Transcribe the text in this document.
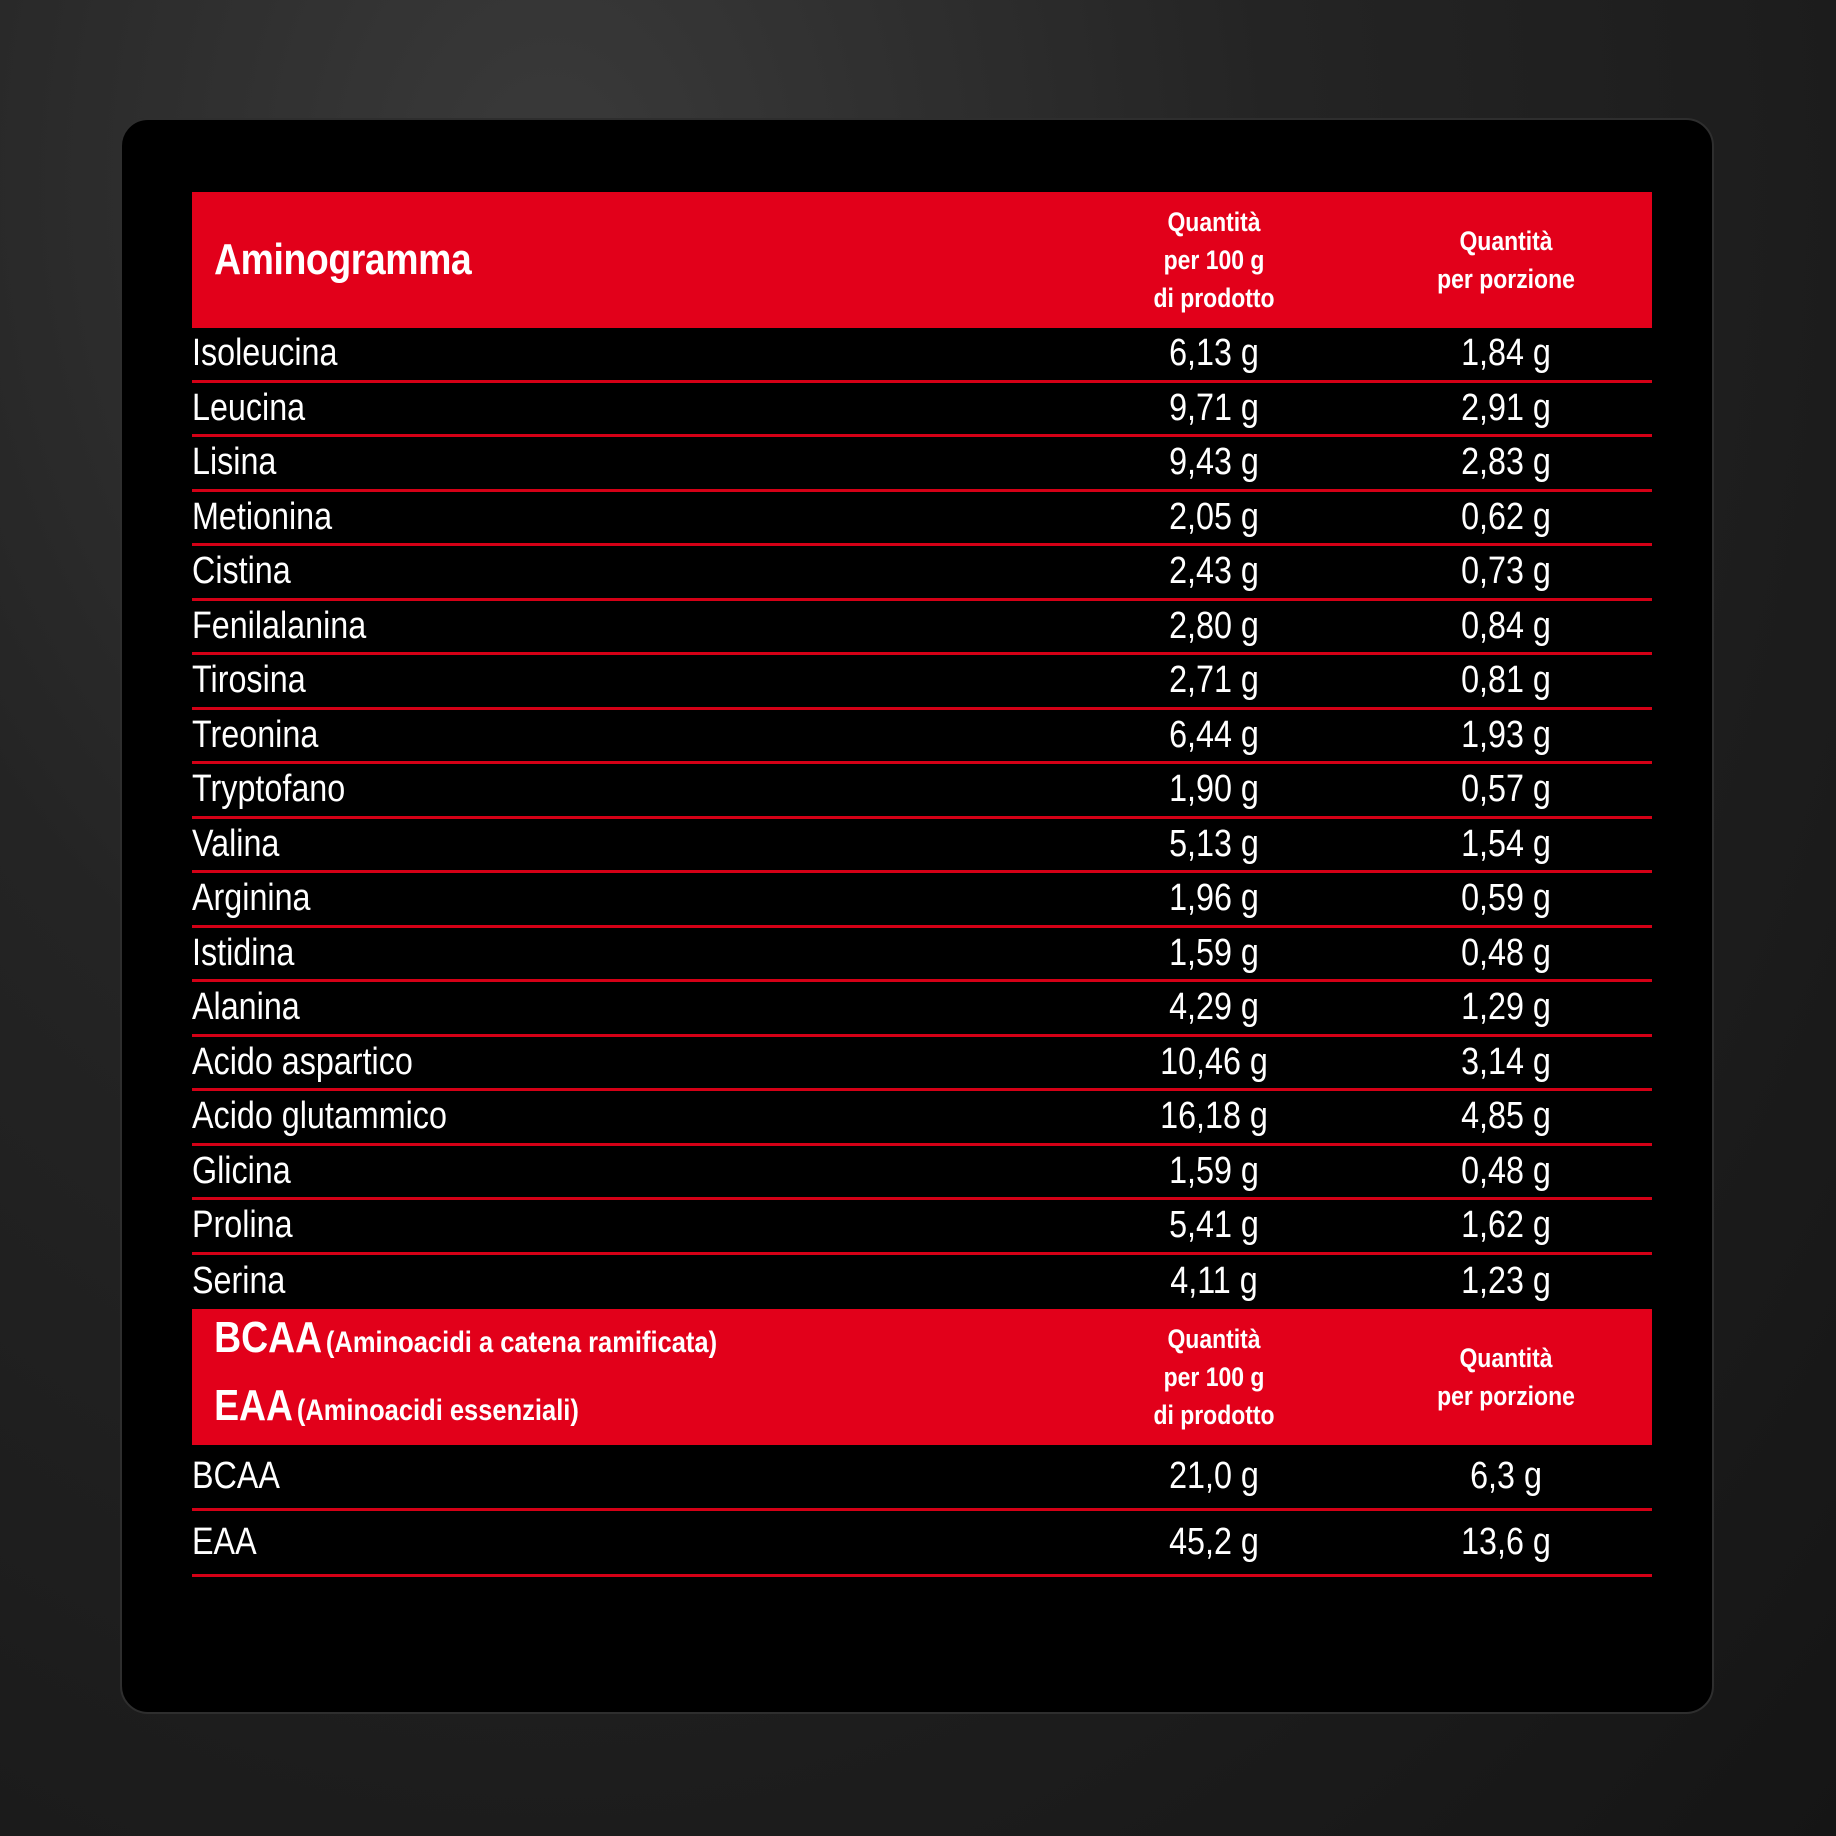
Aminogramma
Quantità
per 100 g
di prodotto
Quantità
per porzione
Isoleucina	6,13 g	1,84 g
Leucina	9,71 g	2,91 g
Lisina	9,43 g	2,83 g
Metionina	2,05 g	0,62 g
Cistina	2,43 g	0,73 g
Fenilalanina	2,80 g	0,84 g
Tirosina	2,71 g	0,81 g
Treonina	6,44 g	1,93 g
Tryptofano	1,90 g	0,57 g
Valina	5,13 g	1,54 g
Arginina	1,96 g	0,59 g
Istidina	1,59 g	0,48 g
Alanina	4,29 g	1,29 g
Acido aspartico	10,46 g	3,14 g
Acido glutammico	16,18 g	4,85 g
Glicina	1,59 g	0,48 g
Prolina	5,41 g	1,62 g
Serina	4,11 g	1,23 g
BCAA (Aminoacidi a catena ramificata)
EAA (Aminoacidi essenziali)
Quantità
per 100 g
di prodotto
Quantità
per porzione
BCAA	21,0 g	6,3 g
EAA	45,2 g	13,6 g
